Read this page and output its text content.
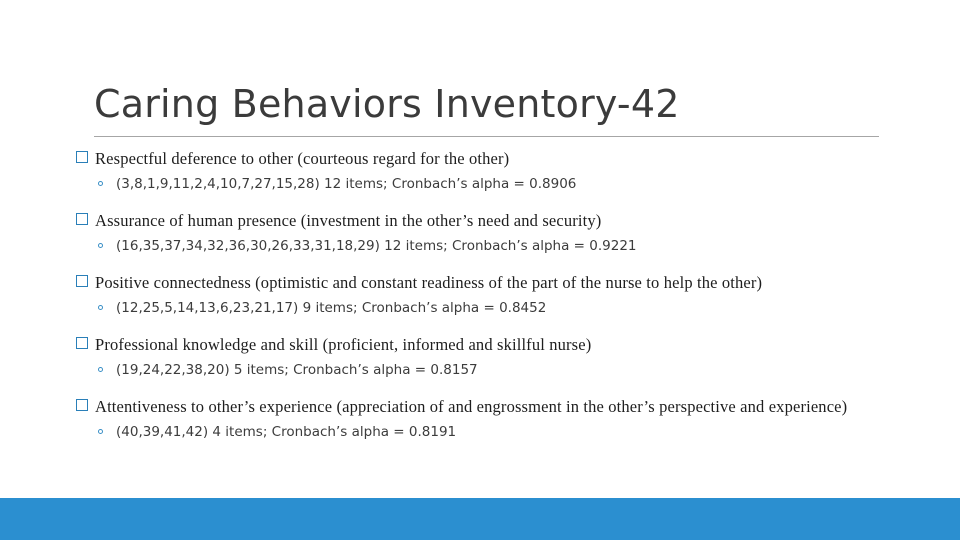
Caring Behaviors Inventory-42
Respectful deference to other (courteous regard for the other)
(3,8,1,9,11,2,4,10,7,27,15,28) 12 items; Cronbach’s alpha = 0.8906
Assurance of human presence (investment in the other’s need and security)
(16,35,37,34,32,36,30,26,33,31,18,29) 12 items; Cronbach’s alpha = 0.9221
Positive connectedness (optimistic and constant readiness of the part of the nurse to help the other)
(12,25,5,14,13,6,23,21,17) 9 items; Cronbach’s alpha = 0.8452
Professional knowledge and skill (proficient, informed and skillful nurse)
(19,24,22,38,20) 5 items; Cronbach’s alpha = 0.8157
Attentiveness to other’s experience (appreciation of and engrossment in the other’s perspective and experience)
(40,39,41,42) 4 items; Cronbach’s alpha = 0.8191
